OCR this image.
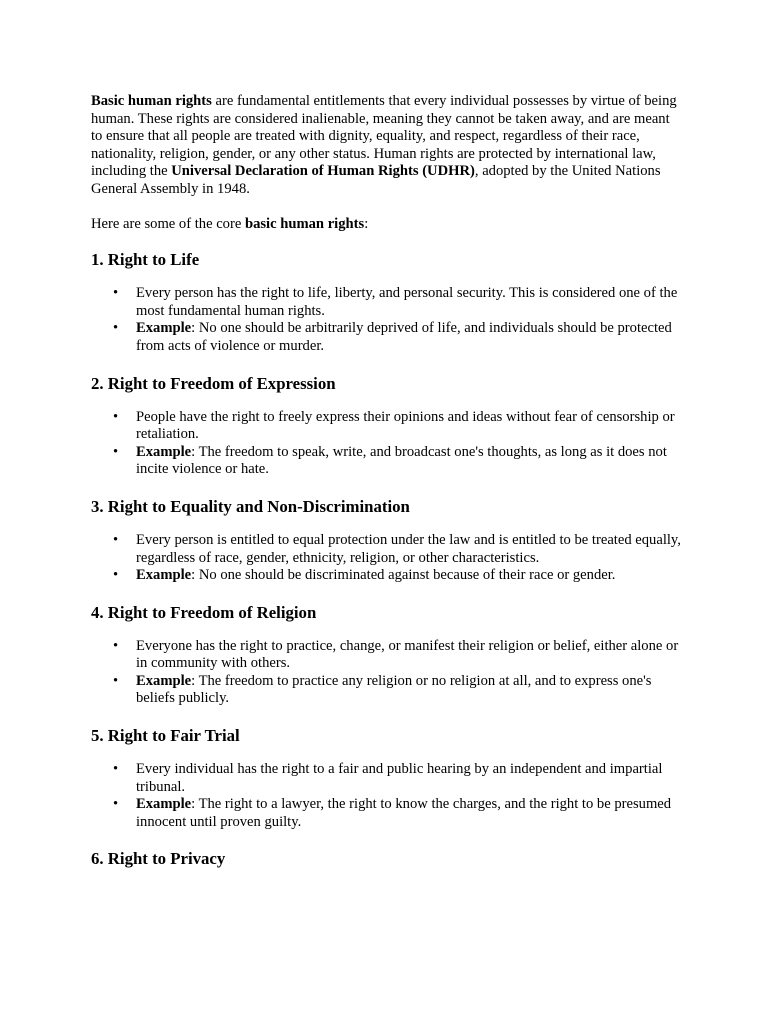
Basic human rights are fundamental entitlements that every individual possesses by virtue of being human. These rights are considered inalienable, meaning they cannot be taken away, and are meant to ensure that all people are treated with dignity, equality, and respect, regardless of their race, nationality, religion, gender, or any other status. Human rights are protected by international law, including the Universal Declaration of Human Rights (UDHR), adopted by the United Nations General Assembly in 1948.

Here are some of the core basic human rights:

1. Right to Life
• Every person has the right to life, liberty, and personal security. This is considered one of the most fundamental human rights.
• Example: No one should be arbitrarily deprived of life, and individuals should be protected from acts of violence or murder.
2. Right to Freedom of Expression
• People have the right to freely express their opinions and ideas without fear of censorship or retaliation.
• Example: The freedom to speak, write, and broadcast one's thoughts, as long as it does not incite violence or hate.
3. Right to Equality and Non-Discrimination
• Every person is entitled to equal protection under the law and is entitled to be treated equally, regardless of race, gender, ethnicity, religion, or other characteristics.
• Example: No one should be discriminated against because of their race or gender.
4. Right to Freedom of Religion
• Everyone has the right to practice, change, or manifest their religion or belief, either alone or in community with others.
• Example: The freedom to practice any religion or no religion at all, and to express one's beliefs publicly.
5. Right to Fair Trial
• Every individual has the right to a fair and public hearing by an independent and impartial tribunal.
• Example: The right to a lawyer, the right to know the charges, and the right to be presumed innocent until proven guilty.
6. Right to Privacy
